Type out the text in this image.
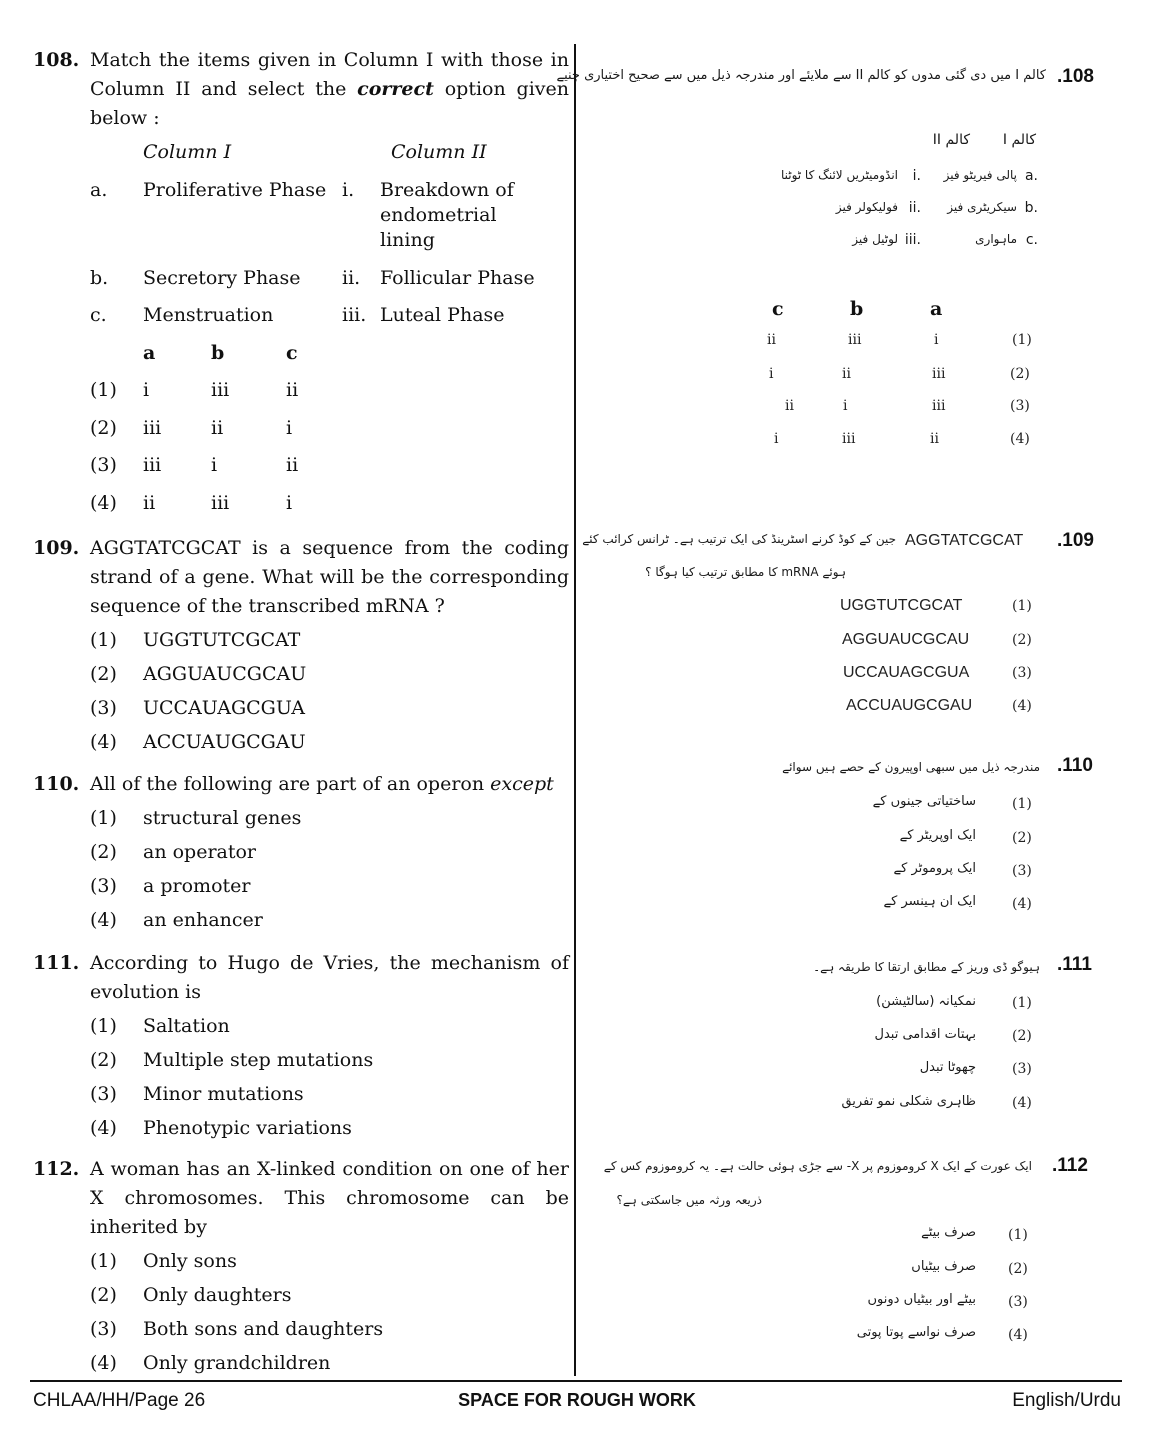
108. Match the items given in Column I with those in Column II and select the correct option given below :
Column I	Column II
a. Proliferative Phase i. Breakdown of
endometrial
lining
b. Secretory Phase ii. Follicular Phase
c. Menstruation	iii. Luteal Phase
a	b	c
(1) i	iii	ii
(2) iii	ii	i
(3) iii	i	ii
(4) ii	iii	i
109. AGGTATCGCAT is a sequence from the coding strand of a gene. What will be the corresponding sequence of the transcribed mRNA ?
(1) UGGTUTCGCAT
(2) AGGUAUCGCAU
(3) UCCAUAGCGUA
(4) ACCUAUGCGAU
110. All of the following are part of an operon except
(1) structural genes
(2) an operator
(3) a promoter
(4) an enhancer
111. According to Hugo de Vries, the mechanism of evolution is
(1) Saltation
(2) Multiple step mutations
(3) Minor mutations
(4) Phenotypic variations
112. A woman has an X-linked condition on one of her X chromosomes. This chromosome can be inherited by
(1) Only sons
(2) Only daughters
(3) Both sons and daughters
(4) Only grandchildren
.108
کالم I میں دی گئی مدوں کو کالم II سے ملایئے اور مندرجہ ذیل میں سے صحیح اختیاری چنیے
کالم II کالم I
.a
پالی فیریٹو فیز
.i
انڈومیٹریں لائنگ کا ٹوٹنا
.b
سیکریٹری فیز
.ii
فولیکولر فیز
.c
ماہواری
.iii
لوٹیل فیز
c	b	a
ii	iii	i	(1)
i	ii	iii	(2)
ii	i	iii	(3)
i	iii	ii	(4)
.109
AGGTATCGCAT
جین کے کوڈ کرنے اسٹرینڈ کی ایک ترتیب ہے۔ ٹرانس کرائب کئے
ہوئے mRNA کا مطابق ترتیب کیا ہوگا ؟
UGGTUTCGCAT	(1)
AGGUAUCGCAU	(2)
UCCAUAGCGUA	(3)
ACCUAUGCGAU	(4)
.110
مندرجہ ذیل میں سبھی اوپیرون کے حصے ہیں سوائے
ساختیاتی جینوں کے	(1)
ایک اوپریٹر کے	(2)
ایک پروموٹر کے	(3)
ایک ان ہینسر کے	(4)
.111
ہیوگو ڈی وریز کے مطابق ارتقا کا طریقہ ہے۔
نمکیانہ (سالٹیشن)	(1)
بہتات اقدامی تبدل	(2)
چھوٹا تبدل	(3)
ظاہری شکلی نمو تفریق	(4)
.112
ایک عورت کے ایک X کروموزوم پر X- سے جڑی ہوئی حالت ہے۔ یہ کروموزوم کس کے
ذریعہ ورثہ میں جاسکتی ہے؟
صرف بیٹے (1)
صرف بیٹیاں (2)
بیٹے اور بیٹیاں دونوں (3)
صرف نواسے پوتا پوتی (4)
CHLAA/HH/Page 26	SPACE FOR ROUGH WORK	English/Urdu
